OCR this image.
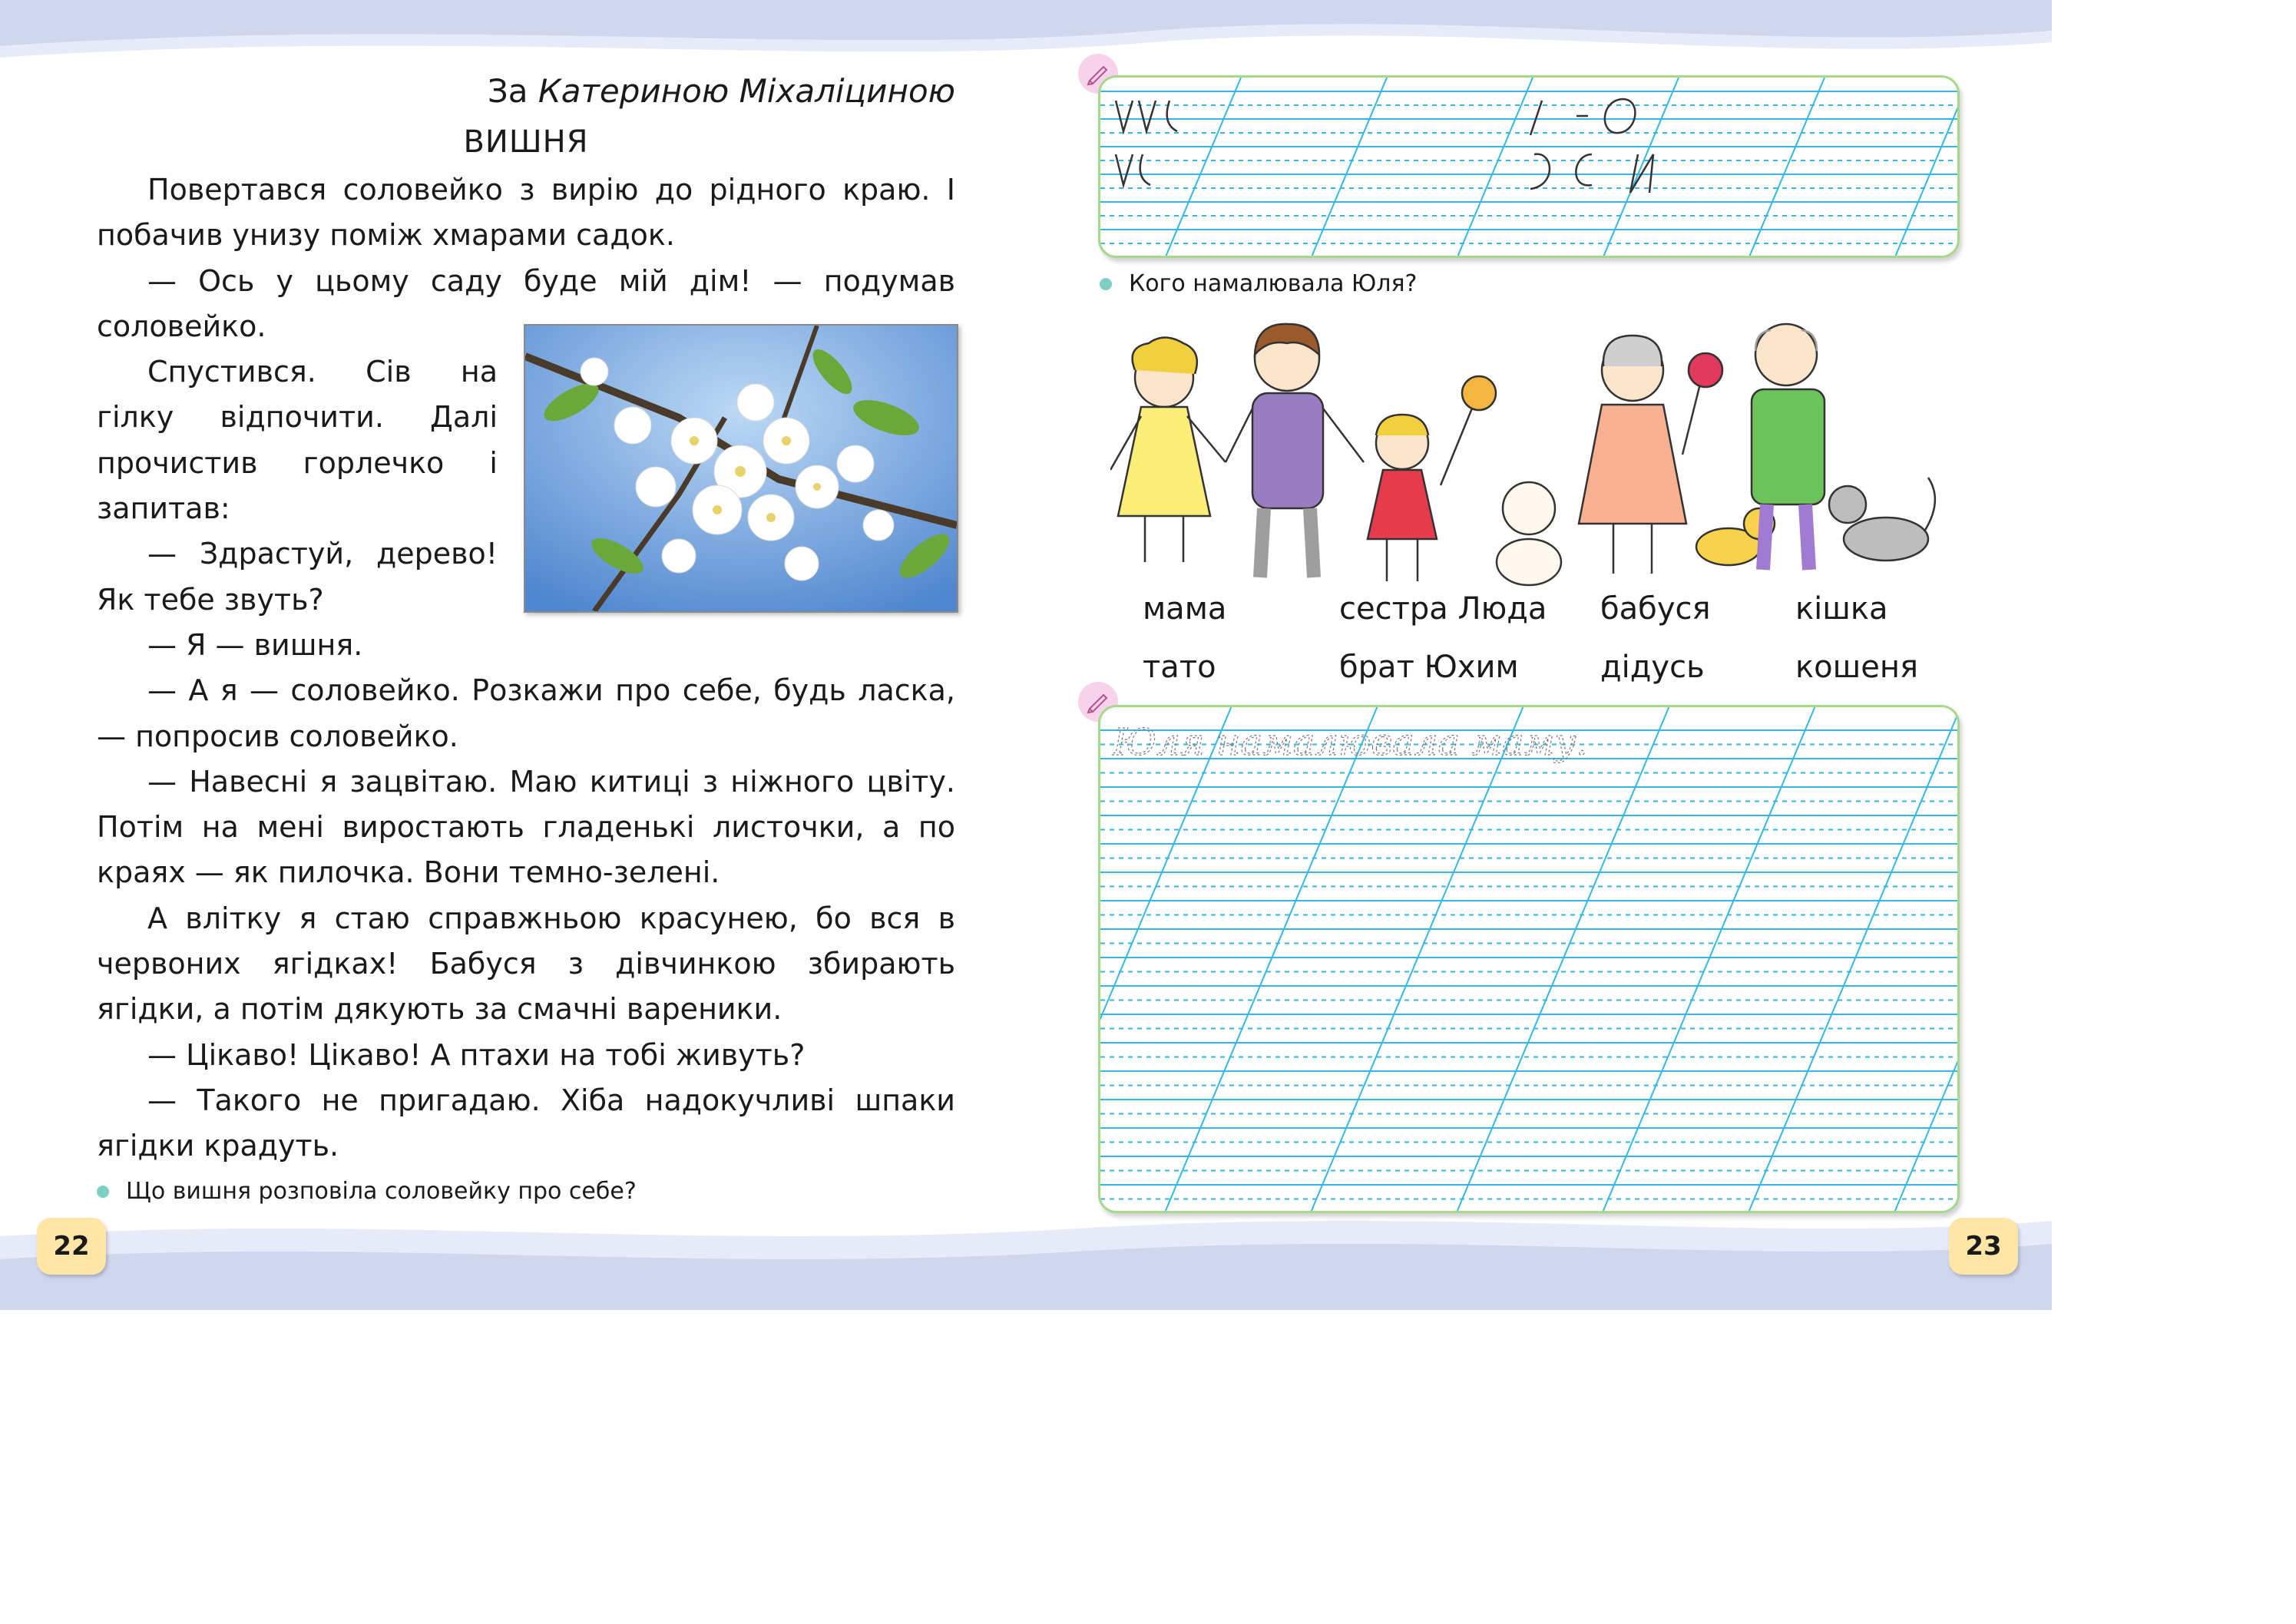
За Катериною Міхаліциною

ВИШНЯ

Повертався соловейко з вирію до рідного краю. І побачив унизу поміж хмарами садок.

— Ось у цьому саду буде мій дім! — подумав соловейко.

Спустився. Сів на гілку відпочити. Далі прочистив горлечко і запитав:

— Здрастуй, дерево! Як тебе звуть?

— Я — вишня.

— А я — соловейко. Розкажи про себе, будь ласка, — попросив соловейко.

— Навесні я зацвітаю. Маю китиці з ніжного цвіту. Потім на мені виростають гладенькі листочки, а по краях — як пилочка. Вони темно-зелені.

А влітку я стаю справжньою красунею, бо вся в червоних ягідках! Бабуся з дівчинкою збирають ягідки, а потім дякують за смачні вареники.

— Цікаво! Цікаво! А птахи на тобі живуть?

— Такого не пригадаю. Хіба надокучливі шпаки ягідки крадуть.

Що вишня розповіла соловейку про себе?
22
Кого намалювала Юля?
мама
тато
сестра Люда
брат Юхим
бабуся
дідусь
кішка
кошеня
Юля намалювала маму.
23
